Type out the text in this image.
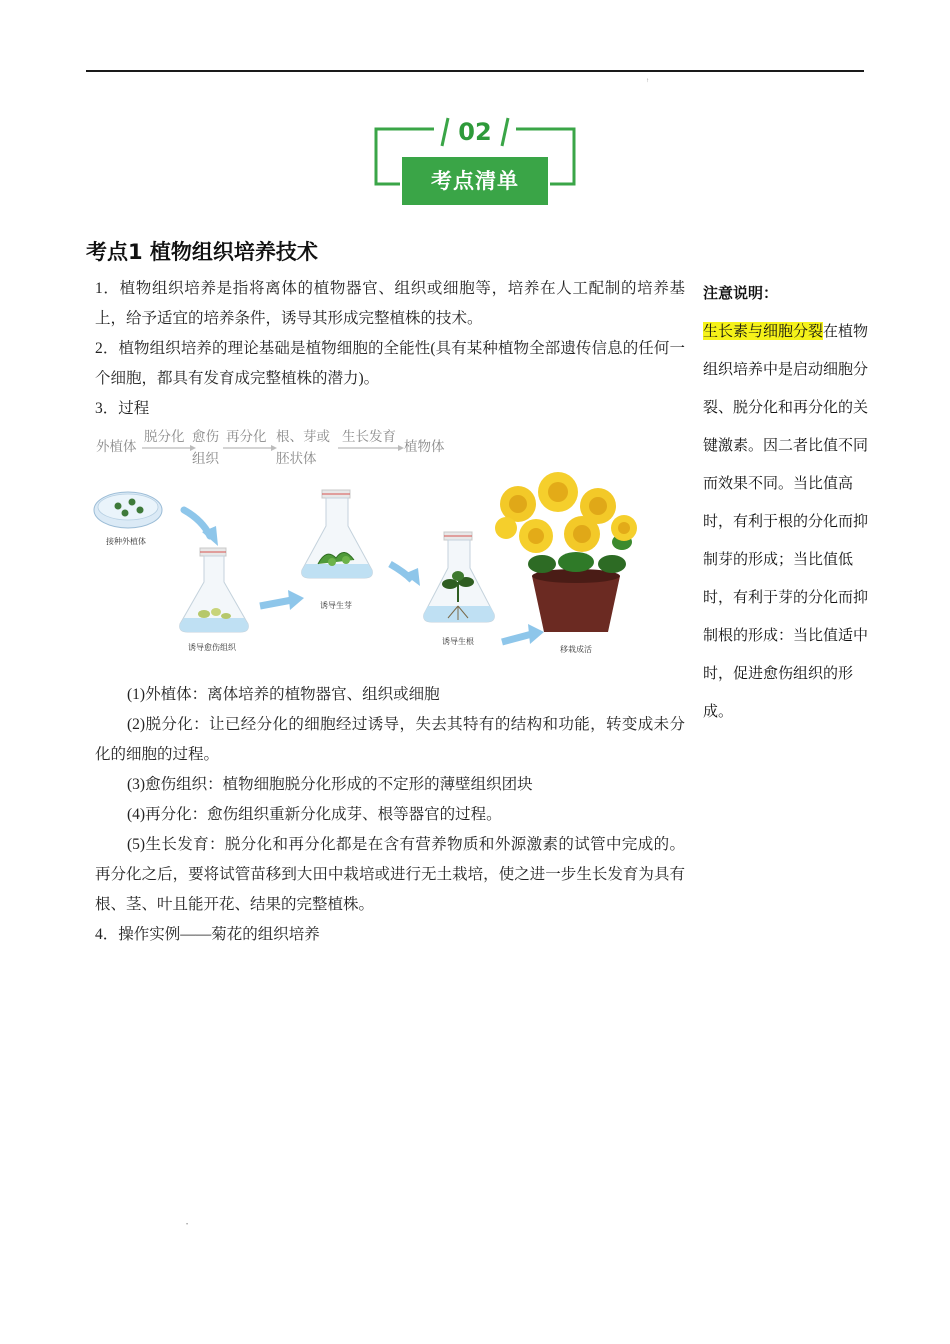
↑
•
02
考点清单
考点1 植物组织培养技术

1．植物组织培养是指将离体的植物器官、组织或细胞等，培养在人工配制的培养基上，给予适宜的培养条件，诱导其形成完整植株的技术。

2．植物组织培养的理论基础是植物细胞的全能性(具有某种植物全部遗传信息的任何一个细胞，都具有发育成完整植株的潜力)。

3．过程

(1)外植体：离体培养的植物器官、组织或细胞

(2)脱分化：让已经分化的细胞经过诱导，失去其特有的结构和功能，转变成未分化的细胞的过程。

(3)愈伤组织：植物细胞脱分化形成的不定形的薄壁组织团块

(4)再分化：愈伤组织重新分化成芽、根等器官的过程。

(5)生长发育：脱分化和再分化都是在含有营养物质和外源激素的试管中完成的。再分化之后，要将试管苗移到大田中栽培或进行无土栽培，使之进一步生长发育为具有根、茎、叶且能开花、结果的完整植株。

4．操作实例——菊花的组织培养

外植体
脱分化 愈伤
组织
再分化 根、芽或
胚状体
生长发育
植物体
接种外植体
诱导愈伤组织
诱导生芽
诱导生根
移栽成活
注意说明：
生长素与细胞分裂在植物组织培养中是启动细胞分裂、脱分化和再分化的关键激素。因二者比值不同而效果不同。当比值高时，有利于根的分化而抑制芽的形成；当比值低时，有利于芽的分化而抑制根的形成：当比值适中时，促进愈伤组织的形成。
